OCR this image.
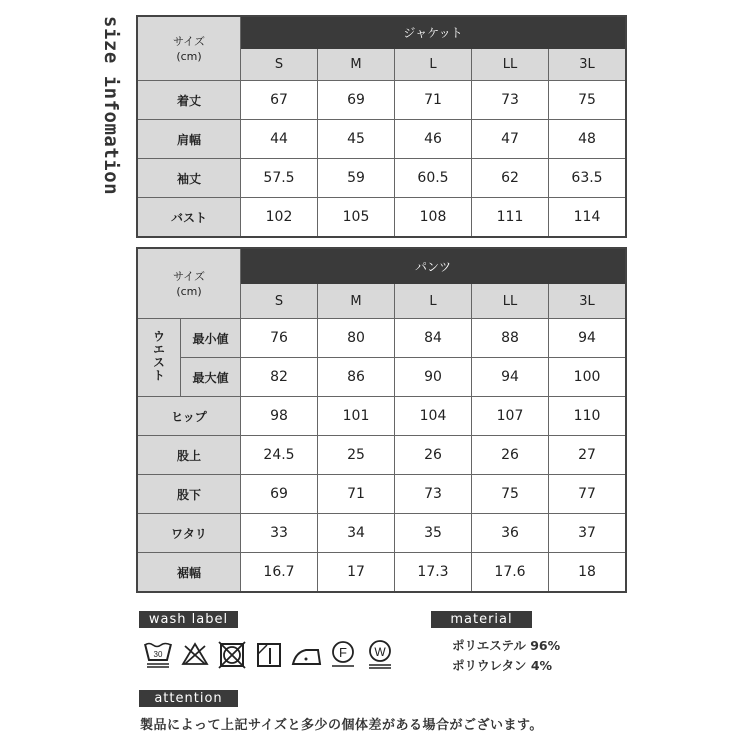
size infomation	サイズ
(cm)	ジャケット				
	S	M	L	LL	3L
着丈	67	69	71	73	75
肩幅	44	45	46	47	48
袖丈	57.5	59	60.5	62	63.5
バスト	102	105	108	111	114
サイズ
(cm)		パンツ				
		S	M	L	LL	3L
ウエスト	最小値	76	80	84	88	94
	最大値	82	86	90	94	100
ヒップ		98	101	104	107	110
股上		24.5	25	26	26	27
股下		69	71	73	75	77
ワタリ		33	34	35	36	37
裾幅		16.7	17	17.3	17.6	18
wash label
30	F W
material
ポリエステル 96%
ポリウレタン 4%
attention
製品によって上記サイズと多少の個体差がある場合がございます。
